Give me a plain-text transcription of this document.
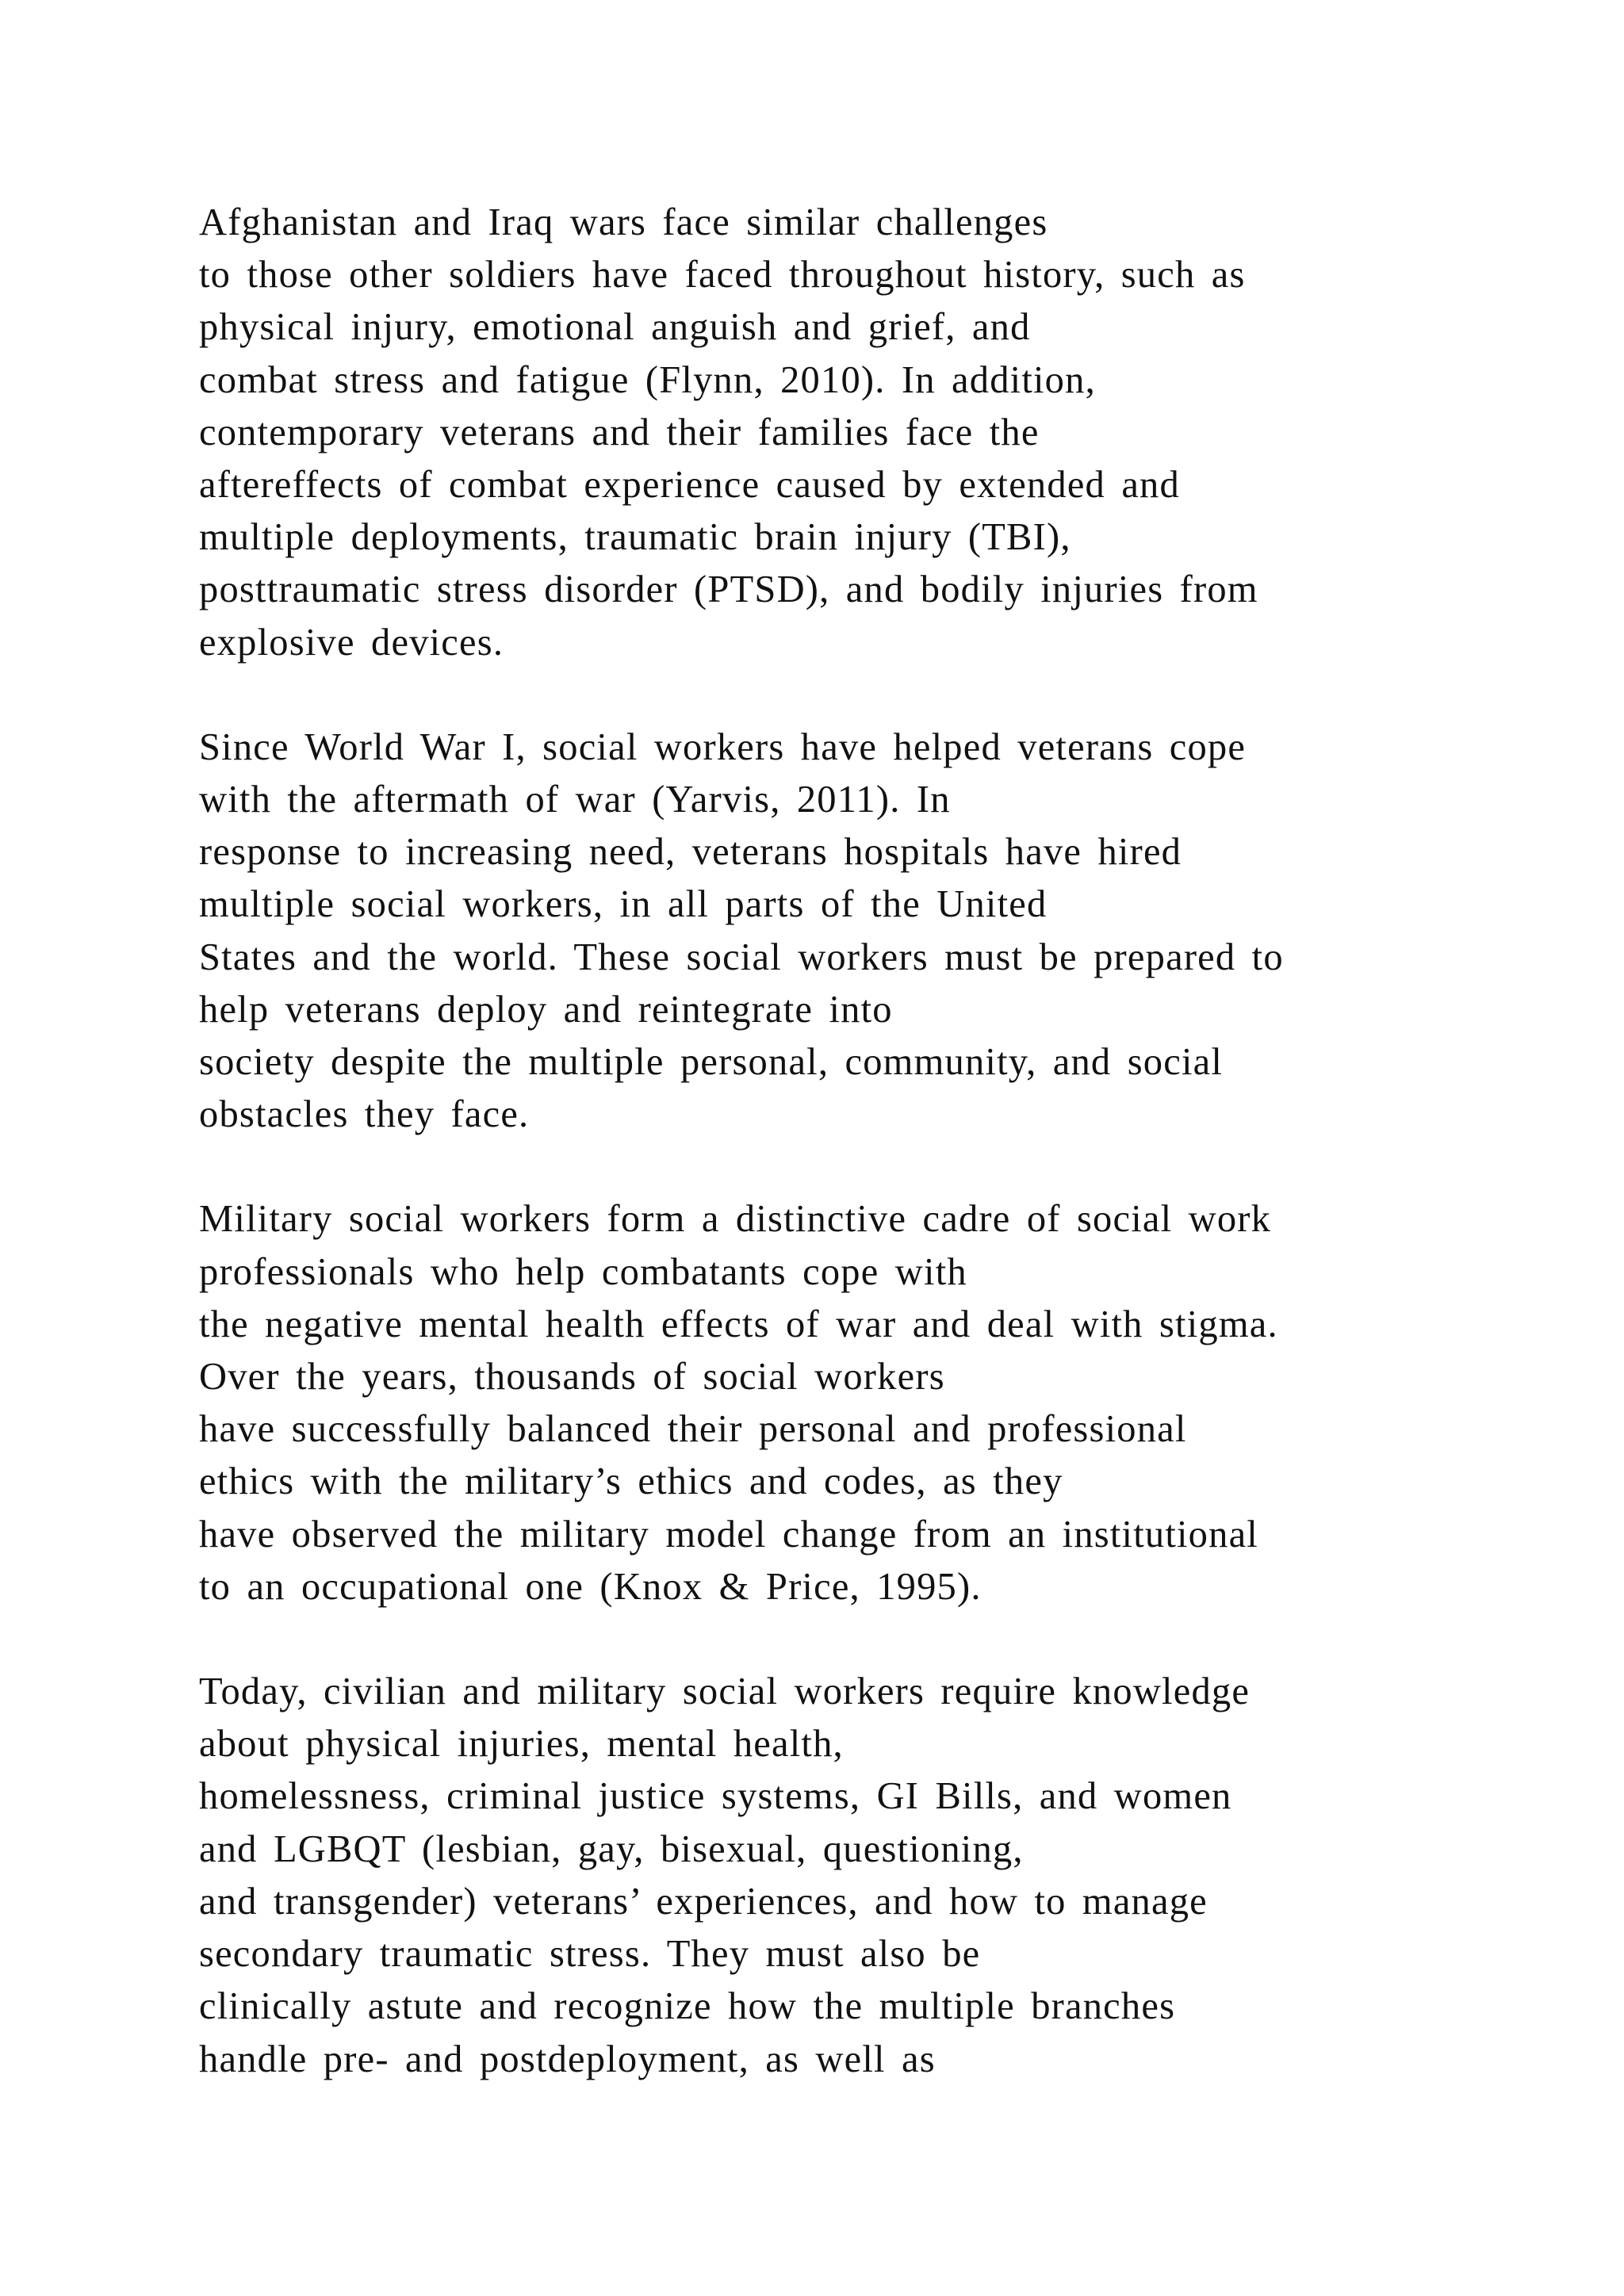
Afghanistan and Iraq wars face similar challenges
to those other soldiers have faced throughout history, such as
physical injury, emotional anguish and grief, and
combat stress and fatigue (Flynn, 2010). In addition,
contemporary veterans and their families face the
aftereffects of combat experience caused by extended and
multiple deployments, traumatic brain injury (TBI),
posttraumatic stress disorder (PTSD), and bodily injuries from
explosive devices.

Since World War I, social workers have helped veterans cope
with the aftermath of war (Yarvis, 2011). In
response to increasing need, veterans hospitals have hired
multiple social workers, in all parts of the United
States and the world. These social workers must be prepared to
help veterans deploy and reintegrate into
society despite the multiple personal, community, and social
obstacles they face.

Military social workers form a distinctive cadre of social work
professionals who help combatants cope with
the negative mental health effects of war and deal with stigma.
Over the years, thousands of social workers
have successfully balanced their personal and professional
ethics with the military’s ethics and codes, as they
have observed the military model change from an institutional
to an occupational one (Knox & Price, 1995).

Today, civilian and military social workers require knowledge
about physical injuries, mental health,
homelessness, criminal justice systems, GI Bills, and women
and LGBQT (lesbian, gay, bisexual, questioning,
and transgender) veterans’ experiences, and how to manage
secondary traumatic stress. They must also be
clinically astute and recognize how the multiple branches
handle pre- and postdeployment, as well as
